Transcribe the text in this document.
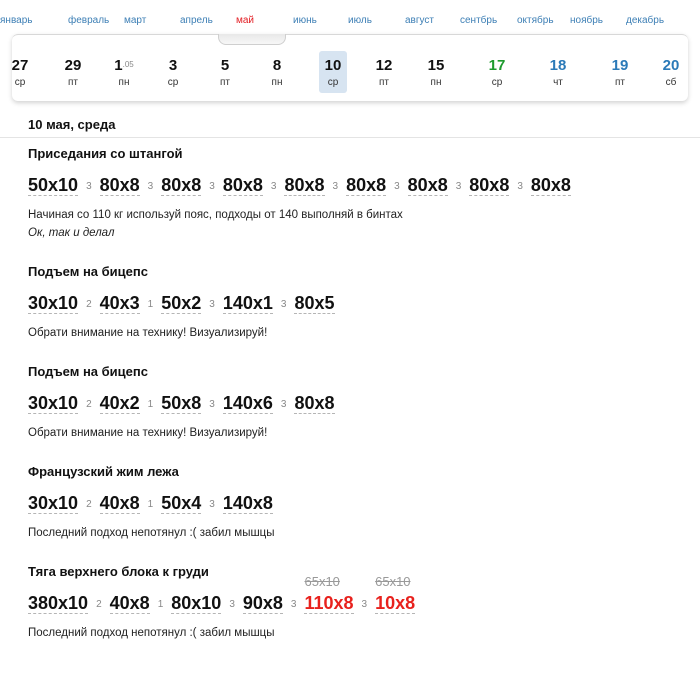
январь	февраль март	апрель май	июнь	июль	август	сентбрь октябрь ноябрь декабрь
27
ср
29
пт
$1^{.05}$
пн
3
ср
5
пт
8
пн
10
ср
12
пт
15
пн
17
ср
18
чт
19
пт
20
сб
10 мая, среда
Приседания со штангой
50x10 3 80x8 3 80x8 3 80x8 3 80x8 3 80x8 3 80x8 3 80x8 3 80x8
Начиная со 110 кг используй пояс, подходы от 140 выполняй в бинтах
Ок, так и делал
Подъем на бицепс
30x10 2 40x3 1 50x2 3 140x1 3 80x5
Обрати внимание на технику! Визуализируй!
Подъем на бицепс
30x10 2 40x2 1 50x8 3 140x6 3 80x8
Обрати внимание на технику! Визуализируй!
Французский жим лежа
30x10 2 40x8 1 50x4 3 140x8
Последний подход непотянул :( забил мышцы
Тяга верхнего блока к груди
380x10 2 40x8 1 80x10 3 90x8 3 110x8
65x10
3 10x8
65x10
Последний подход непотянул :( забил мышцы
